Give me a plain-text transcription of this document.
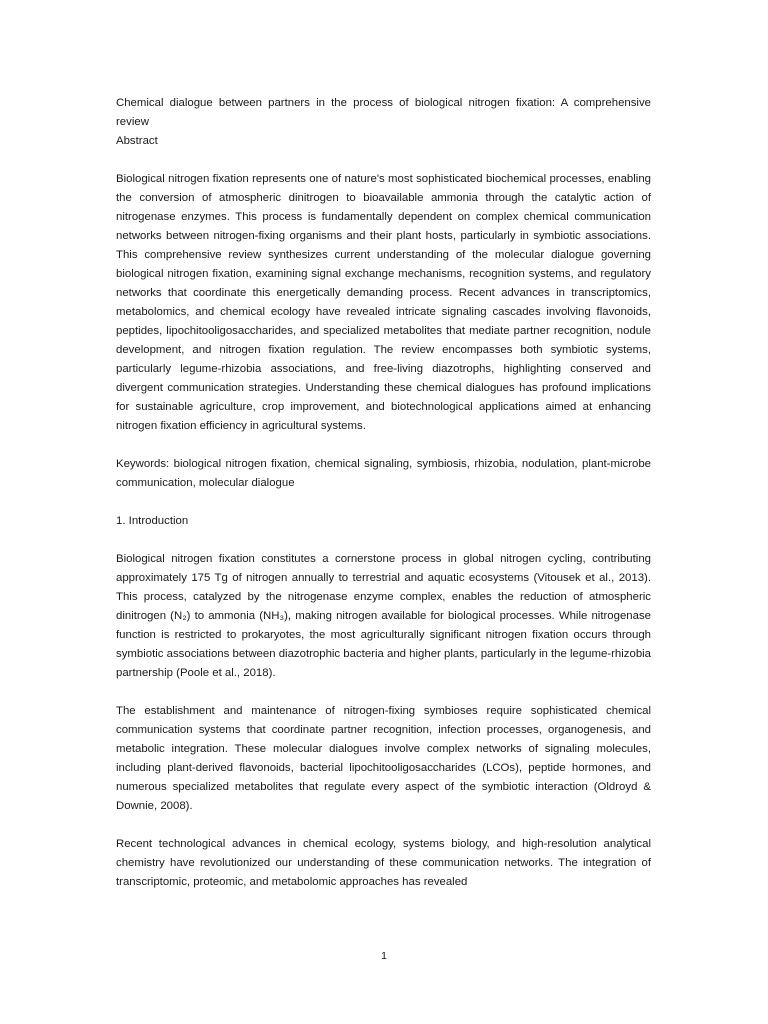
Chemical dialogue between partners in the process of biological nitrogen fixation: A comprehensive review

Abstract

Biological nitrogen fixation represents one of nature's most sophisticated biochemical processes, enabling the conversion of atmospheric dinitrogen to bioavailable ammonia through the catalytic action of nitrogenase enzymes. This process is fundamentally dependent on complex chemical communication networks between nitrogen-fixing organisms and their plant hosts, particularly in symbiotic associations. This comprehensive review synthesizes current understanding of the molecular dialogue governing biological nitrogen fixation, examining signal exchange mechanisms, recognition systems, and regulatory networks that coordinate this energetically demanding process. Recent advances in transcriptomics, metabolomics, and chemical ecology have revealed intricate signaling cascades involving flavonoids, peptides, lipochitooligosaccharides, and specialized metabolites that mediate partner recognition, nodule development, and nitrogen fixation regulation. The review encompasses both symbiotic systems, particularly legume-rhizobia associations, and free-living diazotrophs, highlighting conserved and divergent communication strategies. Understanding these chemical dialogues has profound implications for sustainable agriculture, crop improvement, and biotechnological applications aimed at enhancing nitrogen fixation efficiency in agricultural systems.

Keywords: biological nitrogen fixation, chemical signaling, symbiosis, rhizobia, nodulation, plant-microbe communication, molecular dialogue

1. Introduction

Biological nitrogen fixation constitutes a cornerstone process in global nitrogen cycling, contributing approximately 175 Tg of nitrogen annually to terrestrial and aquatic ecosystems (Vitousek et al., 2013). This process, catalyzed by the nitrogenase enzyme complex, enables the reduction of atmospheric dinitrogen (N₂) to ammonia (NH₃), making nitrogen available for biological processes. While nitrogenase function is restricted to prokaryotes, the most agriculturally significant nitrogen fixation occurs through symbiotic associations between diazotrophic bacteria and higher plants, particularly in the legume-rhizobia partnership (Poole et al., 2018).

The establishment and maintenance of nitrogen-fixing symbioses require sophisticated chemical communication systems that coordinate partner recognition, infection processes, organogenesis, and metabolic integration. These molecular dialogues involve complex networks of signaling molecules, including plant-derived flavonoids, bacterial lipochitooligosaccharides (LCOs), peptide hormones, and numerous specialized metabolites that regulate every aspect of the symbiotic interaction (Oldroyd & Downie, 2008).

Recent technological advances in chemical ecology, systems biology, and high-resolution analytical chemistry have revolutionized our understanding of these communication networks. The integration of transcriptomic, proteomic, and metabolomic approaches has revealed

1
